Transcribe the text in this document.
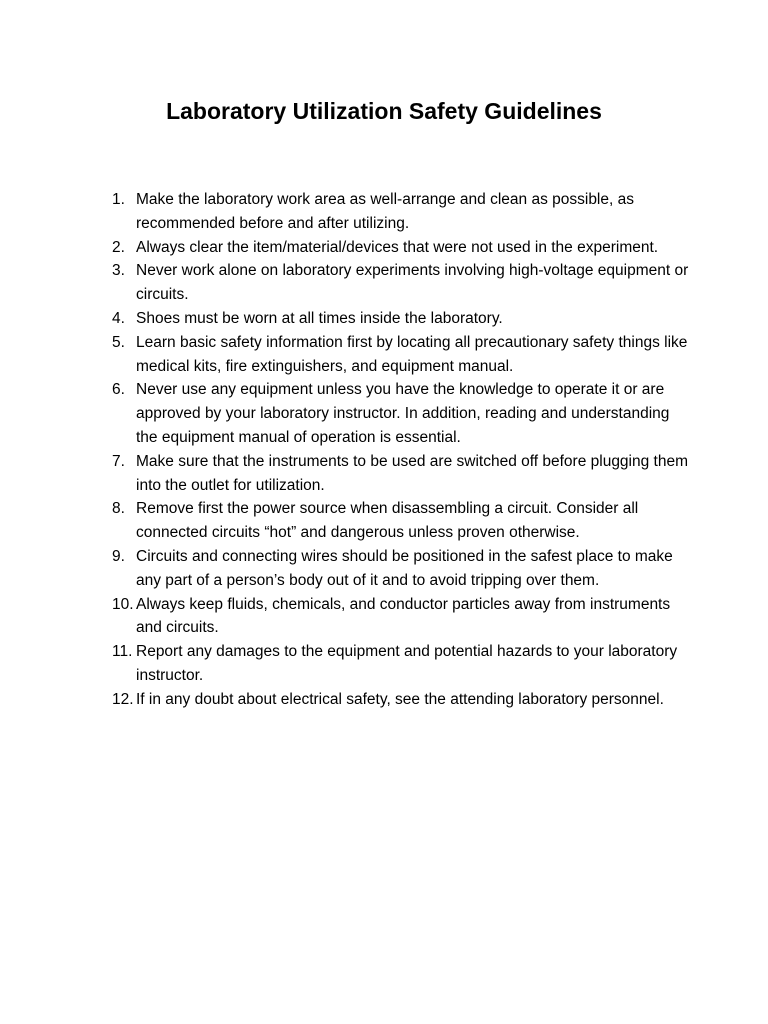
Laboratory Utilization Safety Guidelines
1. Make the laboratory work area as well-arrange and clean as possible, as recommended before and after utilizing.
2. Always clear the item/material/devices that were not used in the experiment.
3. Never work alone on laboratory experiments involving high-voltage equipment or circuits.
4. Shoes must be worn at all times inside the laboratory.
5. Learn basic safety information first by locating all precautionary safety things like medical kits, fire extinguishers, and equipment manual.
6. Never use any equipment unless you have the knowledge to operate it or are approved by your laboratory instructor. In addition, reading and understanding the equipment manual of operation is essential.
7. Make sure that the instruments to be used are switched off before plugging them into the outlet for utilization.
8. Remove first the power source when disassembling a circuit. Consider all connected circuits “hot” and dangerous unless proven otherwise.
9. Circuits and connecting wires should be positioned in the safest place to make any part of a person’s body out of it and to avoid tripping over them.
10. Always keep fluids, chemicals, and conductor particles away from instruments and circuits.
11. Report any damages to the equipment and potential hazards to your laboratory instructor.
12. If in any doubt about electrical safety, see the attending laboratory personnel.
